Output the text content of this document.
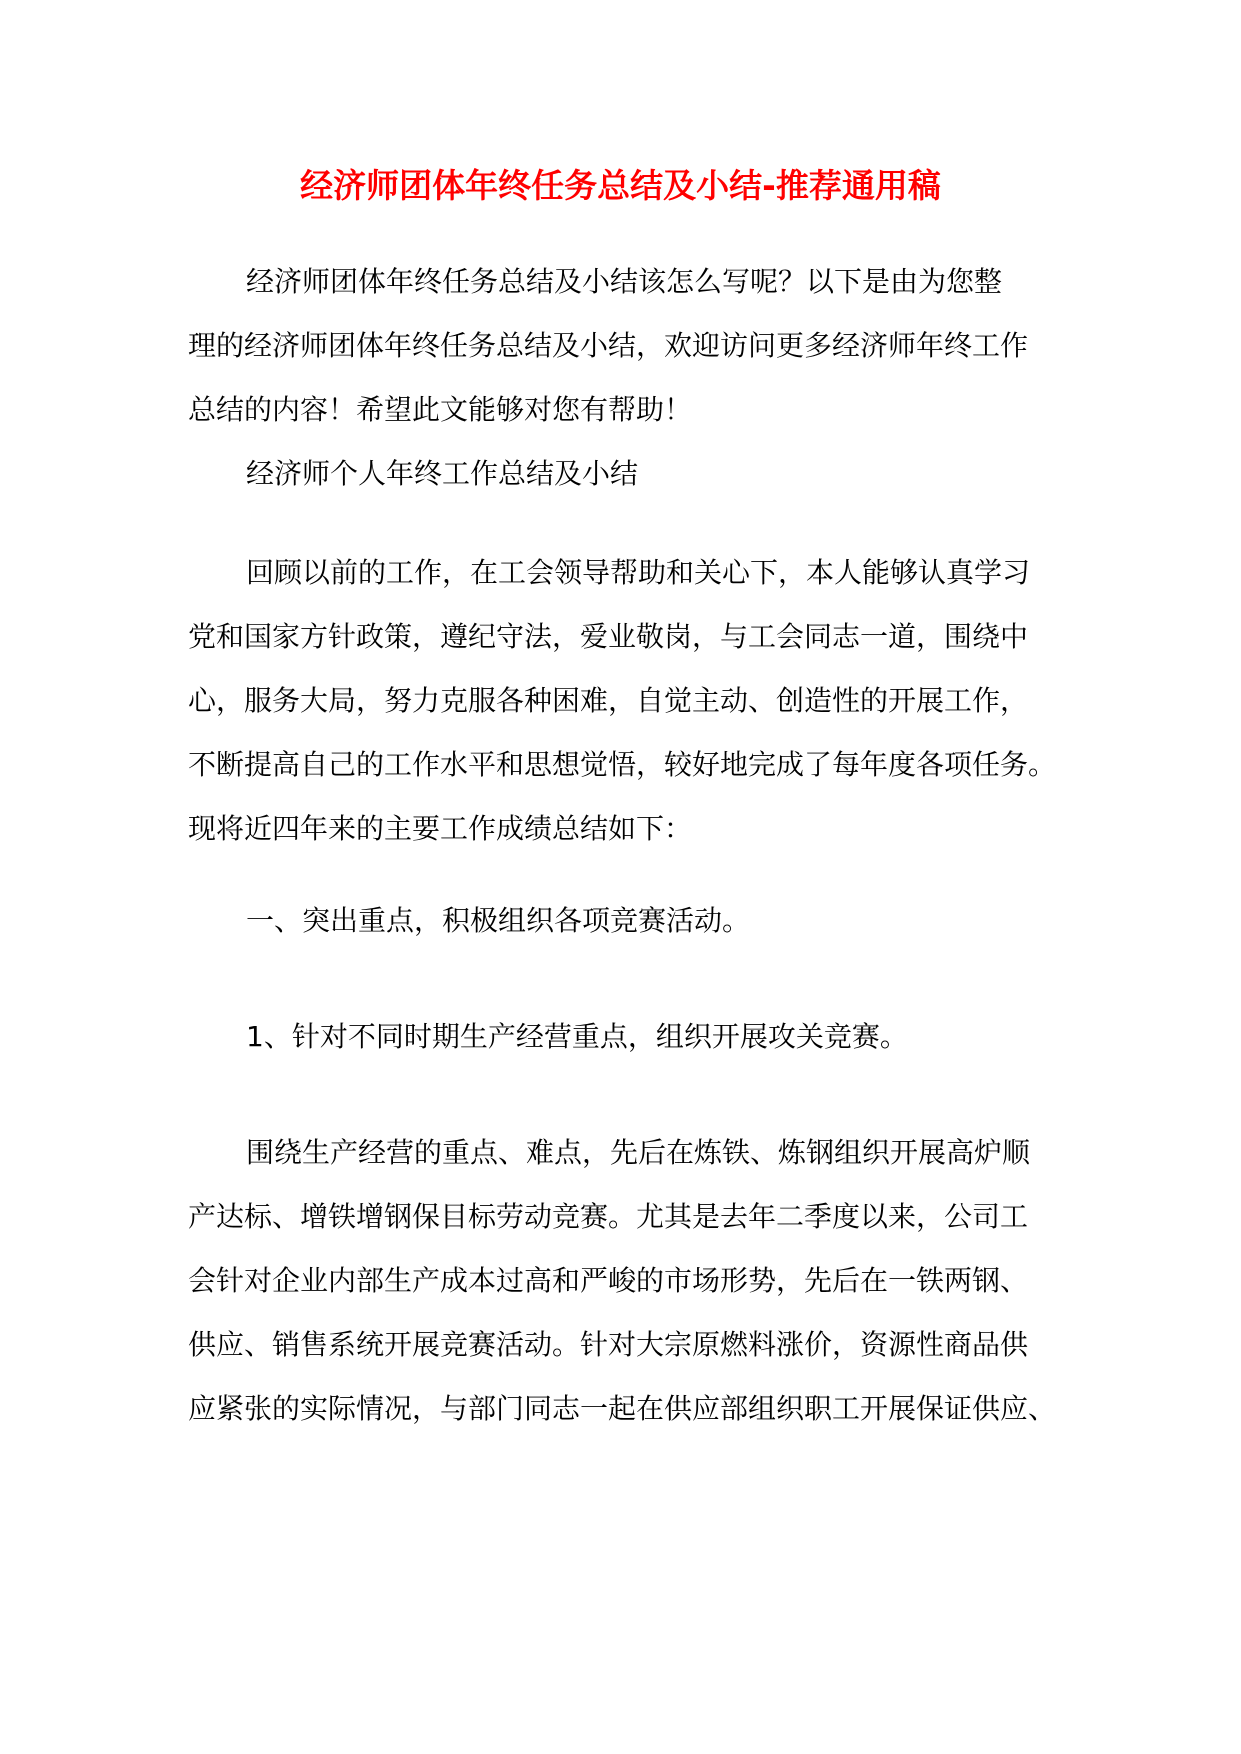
经济师团体年终任务总结及小结-推荐通用稿
经济师团体年终任务总结及小结该怎么写呢？以下是由为您整
理的经济师团体年终任务总结及小结，欢迎访问更多经济师年终工作
总结的内容！希望此文能够对您有帮助！
经济师个人年终工作总结及小结
回顾以前的工作，在工会领导帮助和关心下，本人能够认真学习
党和国家方针政策，遵纪守法，爱业敬岗，与工会同志一道，围绕中
心，服务大局，努力克服各种困难，自觉主动、创造性的开展工作，
不断提高自己的工作水平和思想觉悟，较好地完成了每年度各项任务。
现将近四年来的主要工作成绩总结如下：
一、突出重点，积极组织各项竞赛活动。
1、针对不同时期生产经营重点，组织开展攻关竞赛。
围绕生产经营的重点、难点，先后在炼铁、炼钢组织开展高炉顺
产达标、增铁增钢保目标劳动竞赛。尤其是去年二季度以来，公司工
会针对企业内部生产成本过高和严峻的市场形势，先后在一铁两钢、
供应、销售系统开展竞赛活动。针对大宗原燃料涨价，资源性商品供
应紧张的实际情况，与部门同志一起在供应部组织职工开展保证供应、
